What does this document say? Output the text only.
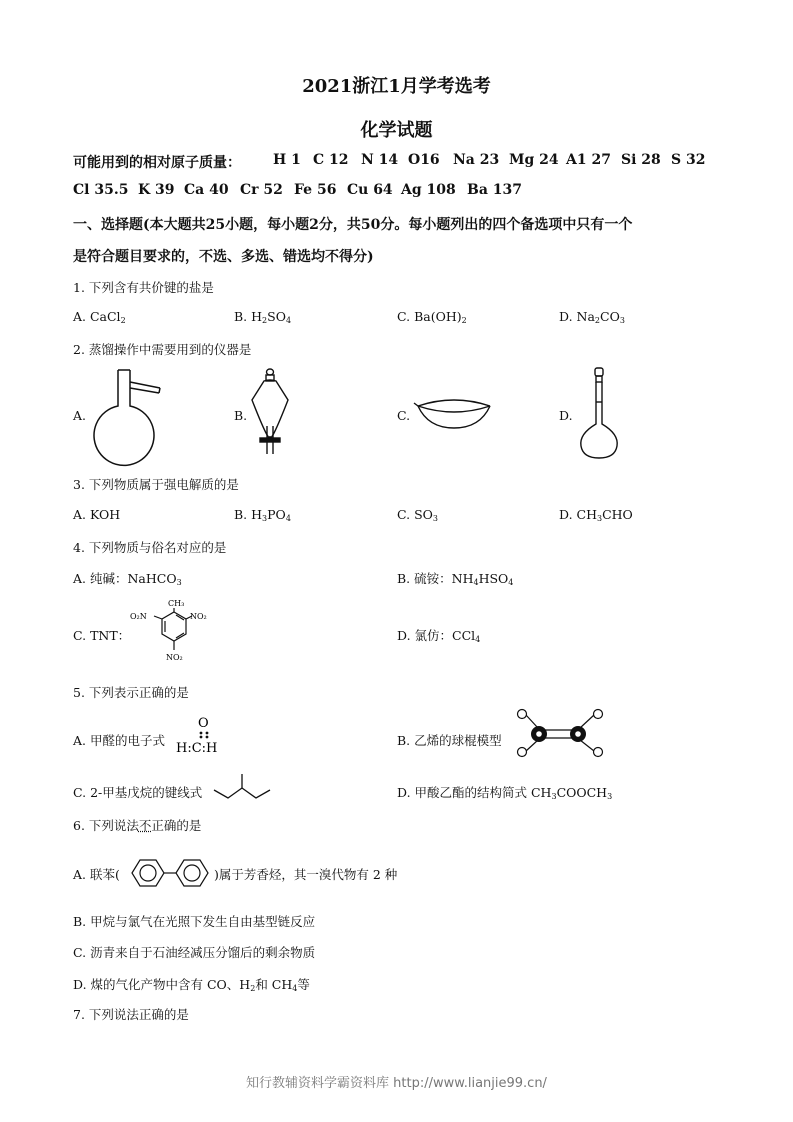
2021浙江1月学考选考
化学试题
可能用到的相对原子质量： H 1 C 12 N 14 O16 Na 23 Mg 24 A1 27 Si 28 S 32
Cl 35.5 K 39 Ca 40 Cr 52 Fe 56 Cu 64 Ag 108 Ba 137
一、选择题(本大题共25小题，每小题2分，共50分。每小题列出的四个备选项中只有一个
是符合题目要求的，不选、多选、错选均不得分)
1. 下列含有共价键的盐是
A. CaCl$_2$	B. $H_2SO_4$	C. $Ba(OH)_2$	D. $Na_2CO_3$
2. 蒸馏操作中需要用到的仪器是
A.	B.	C.	D.
3. 下列物质属于强电解质的是
A. KOH	B. $H_3PO_4$	C. $SO_3$	D. $CH_3CHO$
4. 下列物质与俗名对应的是
A. 纯碱：NaHCO$_3$	B. 硫铵：$NH_4HSO_4$
C. TNT：
CH₃
O₂N	NO₂
NO₂
D. 氯仿：CCl$_4$
5. 下列表示正确的是
A. 甲醛的电子式
O
H:C:H
B. 乙烯的球棍模型
C. 2-甲基戊烷的键线式	D. 甲酸乙酯的结构简式 $CH_3COOCH_3$
6. 下列说法不正确的是
A. 联苯(	)属于芳香烃，其一溴代物有 2 种
B. 甲烷与氯气在光照下发生自由基型链反应
C. 沥青来自于石油经减压分馏后的剩余物质
D. 煤的气化产物中含有 CO、$H_2$和 $CH_4$等
7. 下列说法正确的是
知行教辅资料学霸资料库 http://www.lianjie99.cn/
